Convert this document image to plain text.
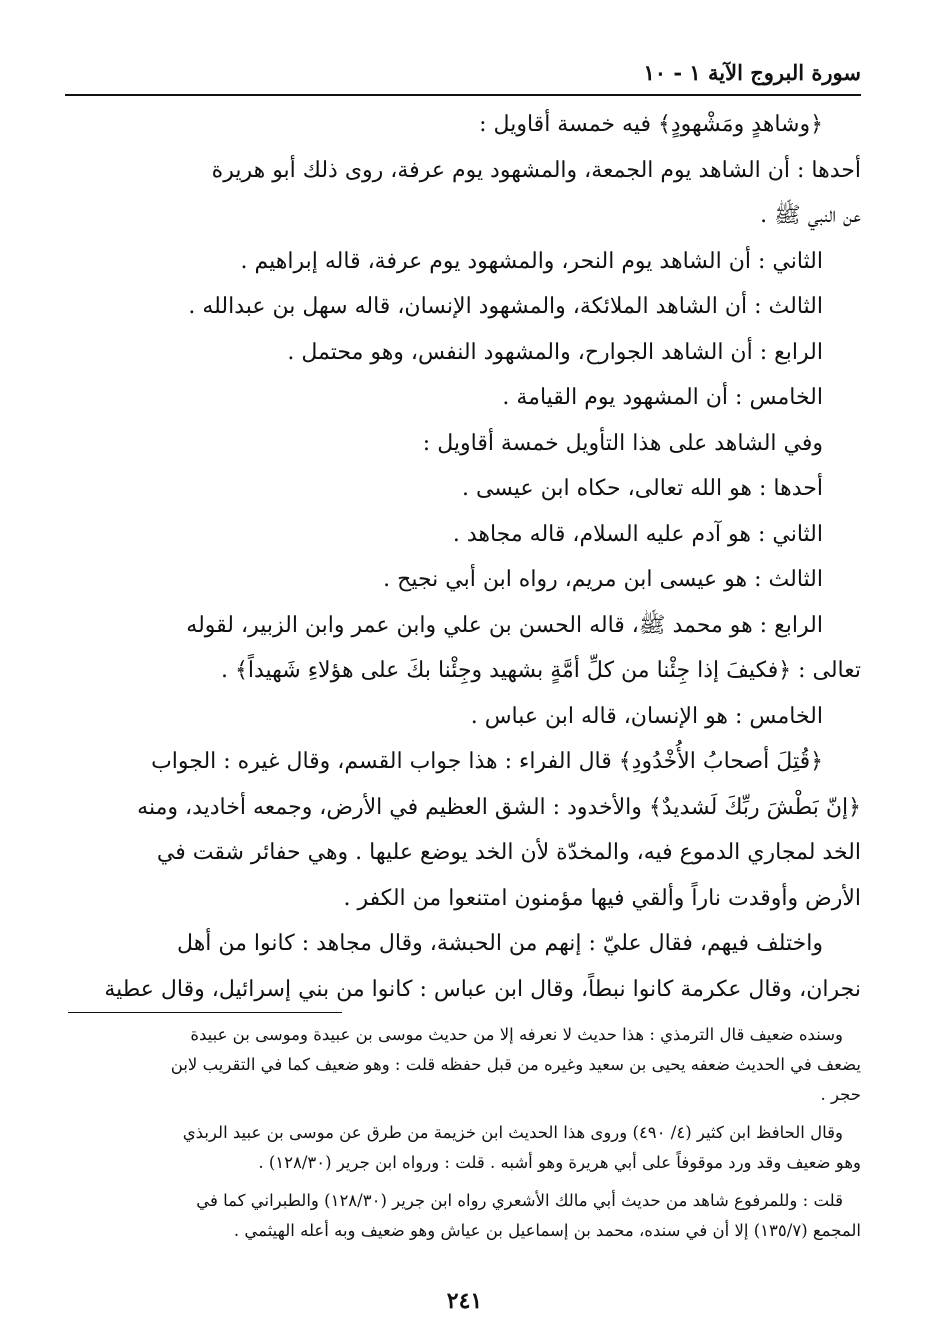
سورة البروج الآية ١ - ١٠
﴿وشاهدٍ ومَشْهودٍ﴾ فيه خمسة أقاويل :
أحدها : أن الشاهد يوم الجمعة، والمشهود يوم عرفة، روى ذلك أبو هريرة
عن النبي ﷺ .
الثاني : أن الشاهد يوم النحر، والمشهود يوم عرفة، قاله إبراهيم .
الثالث : أن الشاهد الملائكة، والمشهود الإنسان، قاله سهل بن عبدالله .
الرابع : أن الشاهد الجوارح، والمشهود النفس، وهو محتمل .
الخامس : أن المشهود يوم القيامة .
وفي الشاهد على هذا التأويل خمسة أقاويل :
أحدها : هو الله تعالى، حكاه ابن عيسى .
الثاني : هو آدم عليه السلام، قاله مجاهد .
الثالث : هو عيسى ابن مريم، رواه ابن أبي نجيح .
الرابع : هو محمد ﷺ، قاله الحسن بن علي وابن عمر وابن الزبير، لقوله
تعالى : ﴿فكيفَ إذا جِئْنا من كلِّ أمَّةٍ بشهيد وجِئْنا بكَ على هؤلاءِ شَهيداً﴾ .
الخامس : هو الإنسان، قاله ابن عباس .
﴿قُتِلَ أصحابُ الأُخْدُودِ﴾ قال الفراء : هذا جواب القسم، وقال غيره : الجواب
﴿إنّ بَطْشَ ربِّكَ لَشديدٌ﴾ والأخدود : الشق العظيم في الأرض، وجمعه أخاديد، ومنه
الخد لمجاري الدموع فيه، والمخدّة لأن الخد يوضع عليها . وهي حفائر شقت في
الأرض وأوقدت ناراً وألقي فيها مؤمنون امتنعوا من الكفر .
واختلف فيهم، فقال عليّ : إنهم من الحبشة، وقال مجاهد : كانوا من أهل
نجران، وقال عكرمة كانوا نبطاً، وقال ابن عباس : كانوا من بني إسرائيل، وقال عطية
وسنده ضعيف قال الترمذي : هذا حديث لا نعرفه إلا من حديث موسى بن عبيدة وموسى بن عبيدة
يضعف في الحديث ضعفه يحيى بن سعيد وغيره من قبل حفظه قلت : وهو ضعيف كما في التقريب لابن
حجر .
وقال الحافظ ابن كثير (٤/ ٤٩٠) وروى هذا الحديث ابن خزيمة من طرق عن موسى بن عبيد الربذي
وهو ضعيف وقد ورد موقوفاً على أبي هريرة وهو أشبه . قلت : ورواه ابن جرير (١٢٨/٣٠) .
قلت : وللمرفوع شاهد من حديث أبي مالك الأشعري رواه ابن جرير (١٢٨/٣٠) والطبراني كما في
المجمع (١٣٥/٧) إلا أن في سنده، محمد بن إسماعيل بن عياش وهو ضعيف وبه أعله الهيثمي .
٢٤١
